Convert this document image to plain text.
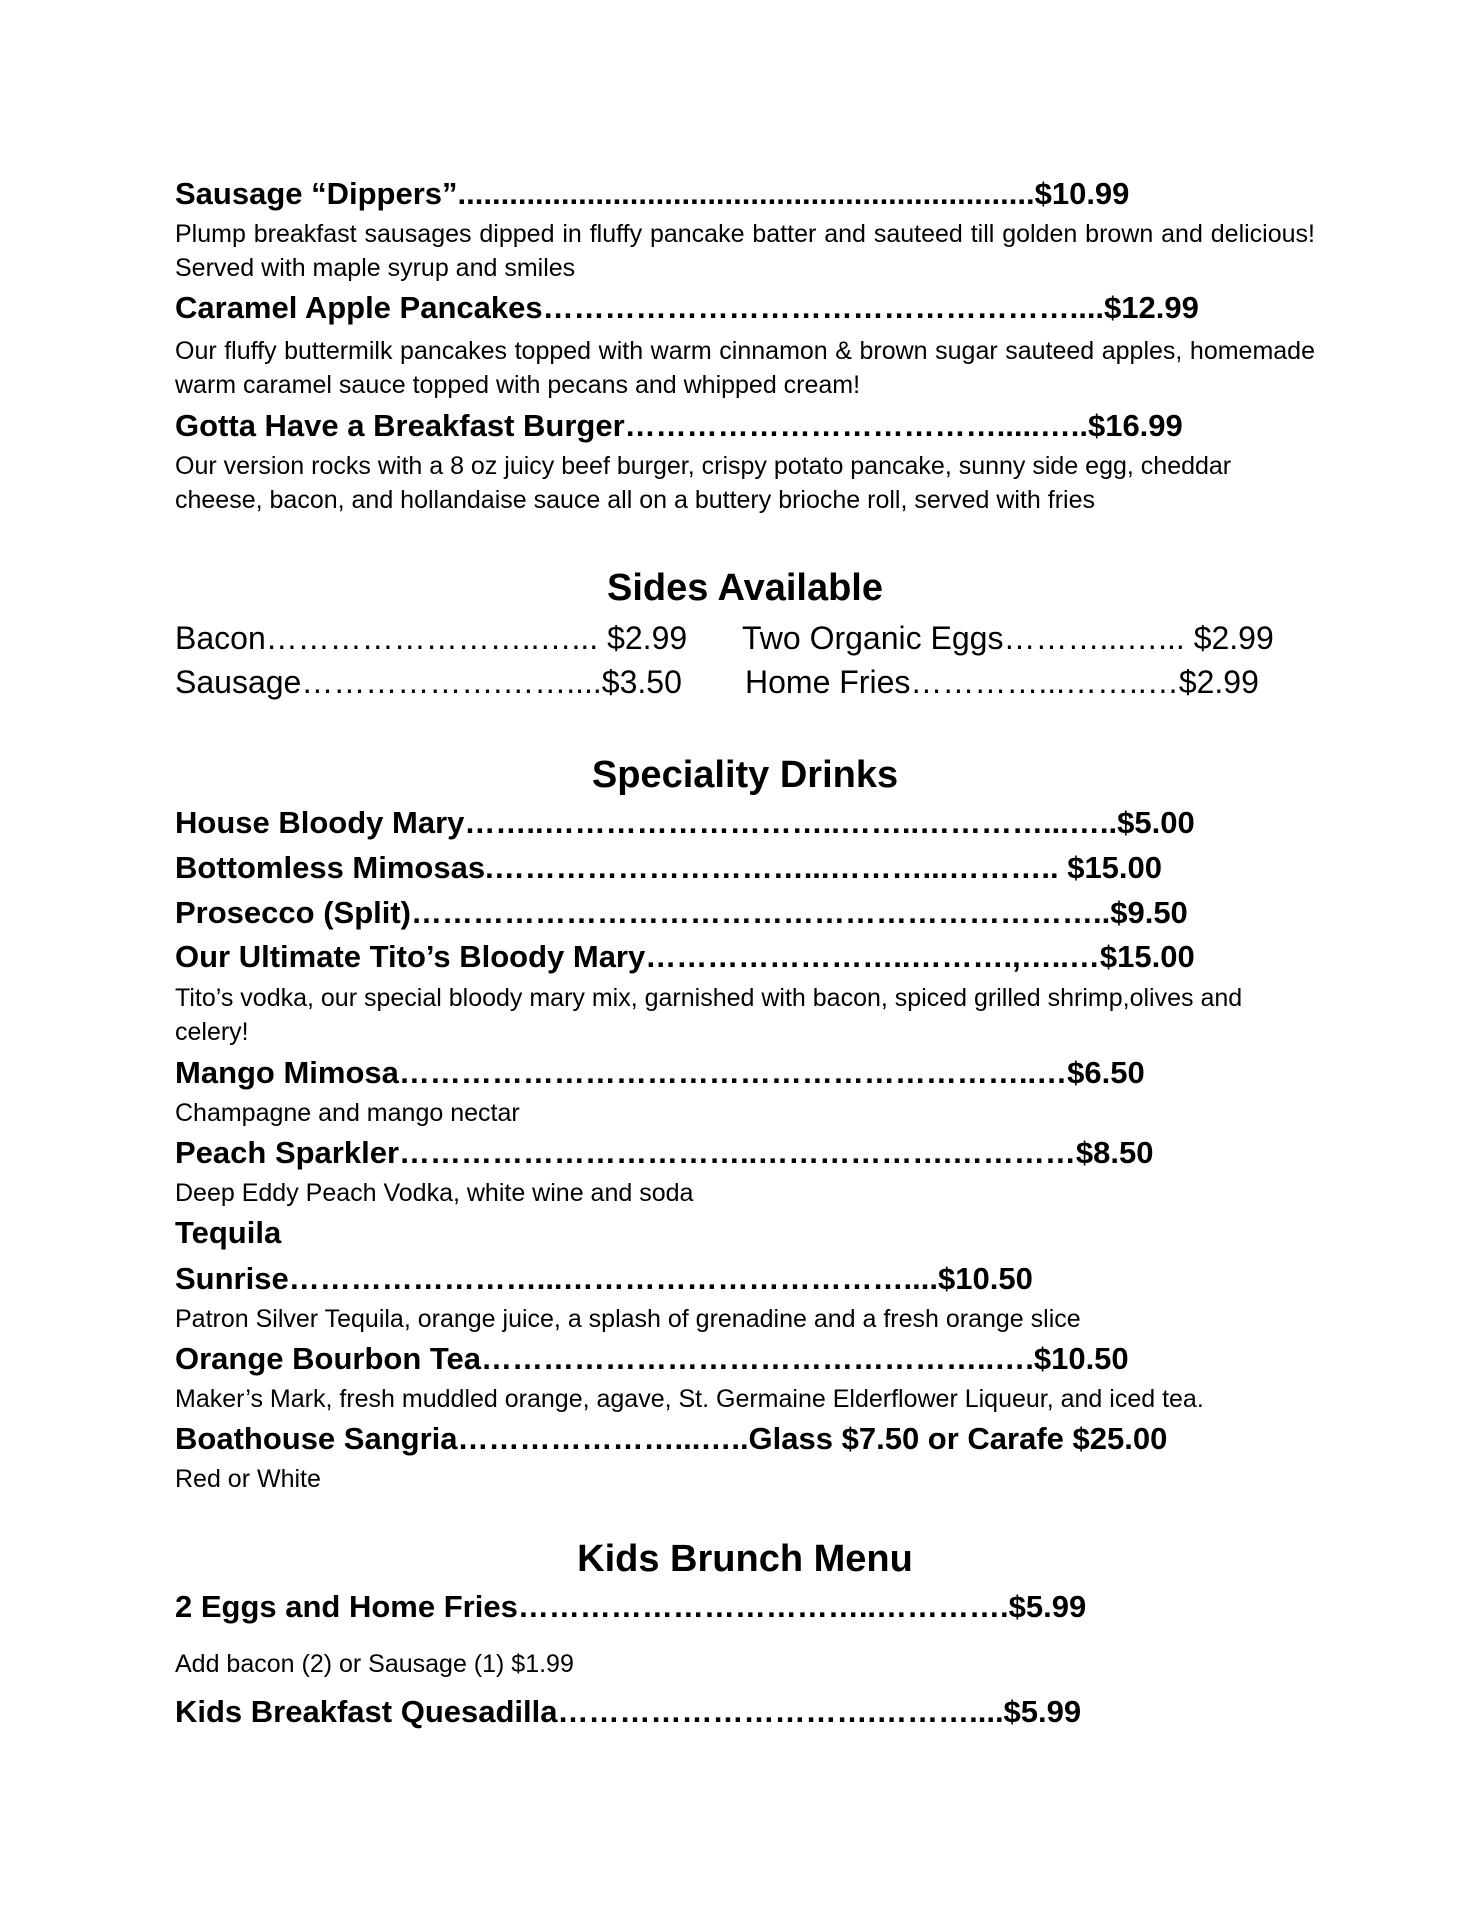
Sausage “Dippers”...................................................................$10.99
Plump breakfast sausages dipped in fluffy pancake batter and sauteed till golden brown and delicious! Served with maple syrup and smiles
Caramel Apple Pancakes……………………………………………....$12.99
Our fluffy buttermilk pancakes topped with warm cinnamon & brown sugar sauteed apples, homemade warm caramel sauce topped with pecans and whipped cream!
Gotta Have a Breakfast Burger……………………………….....…..$16.99
Our version rocks with a 8 oz juicy beef burger, crispy potato pancake, sunny side egg, cheddar cheese, bacon, and hollandaise sauce all on a buttery brioche roll, served with fries
Sides Available
Bacon……………………..…... $2.99 Two Organic Eggs………...…... $2.99
Sausage……………….……....$3.50 Home Fries…………...……..…$2.99
Speciality Drinks
House Bloody Mary……..………………………..……..…………...…..$5.00
Bottomless Mimosas.…………………………...………...……….. $15.00
Prosecco (Split)…………………………………………………………..$9.50
Our Ultimate Tito’s Bloody Mary……………………..……….,…..…$15.00
Tito’s vodka, our special bloody mary mix, garnished with bacon, spiced grilled shrimp,olives and celery!
Mango Mimosa……………………………………………………..…$6.50
Champagne and mango nectar
Peach Sparkler……………………………..……………….…………$8.50
Deep Eddy Peach Vodka, white wine and soda
Tequila
Sunrise……………………...……………………………....$10.50
Patron Silver Tequila, orange juice, a splash of grenadine and a fresh orange slice
Orange Bourbon Tea…………………………………………..….$10.50
Maker’s Mark, fresh muddled orange, agave, St. Germaine Elderflower Liqueur, and iced tea.
Boathouse Sangria…………………...…..Glass $7.50 or Carafe $25.00
Red or White
Kids Brunch Menu
2 Eggs and Home Fries……………………………..………….$5.99
Add bacon (2) or Sausage (1) $1.99
Kids Breakfast Quesadilla………………………….………....$5.99
